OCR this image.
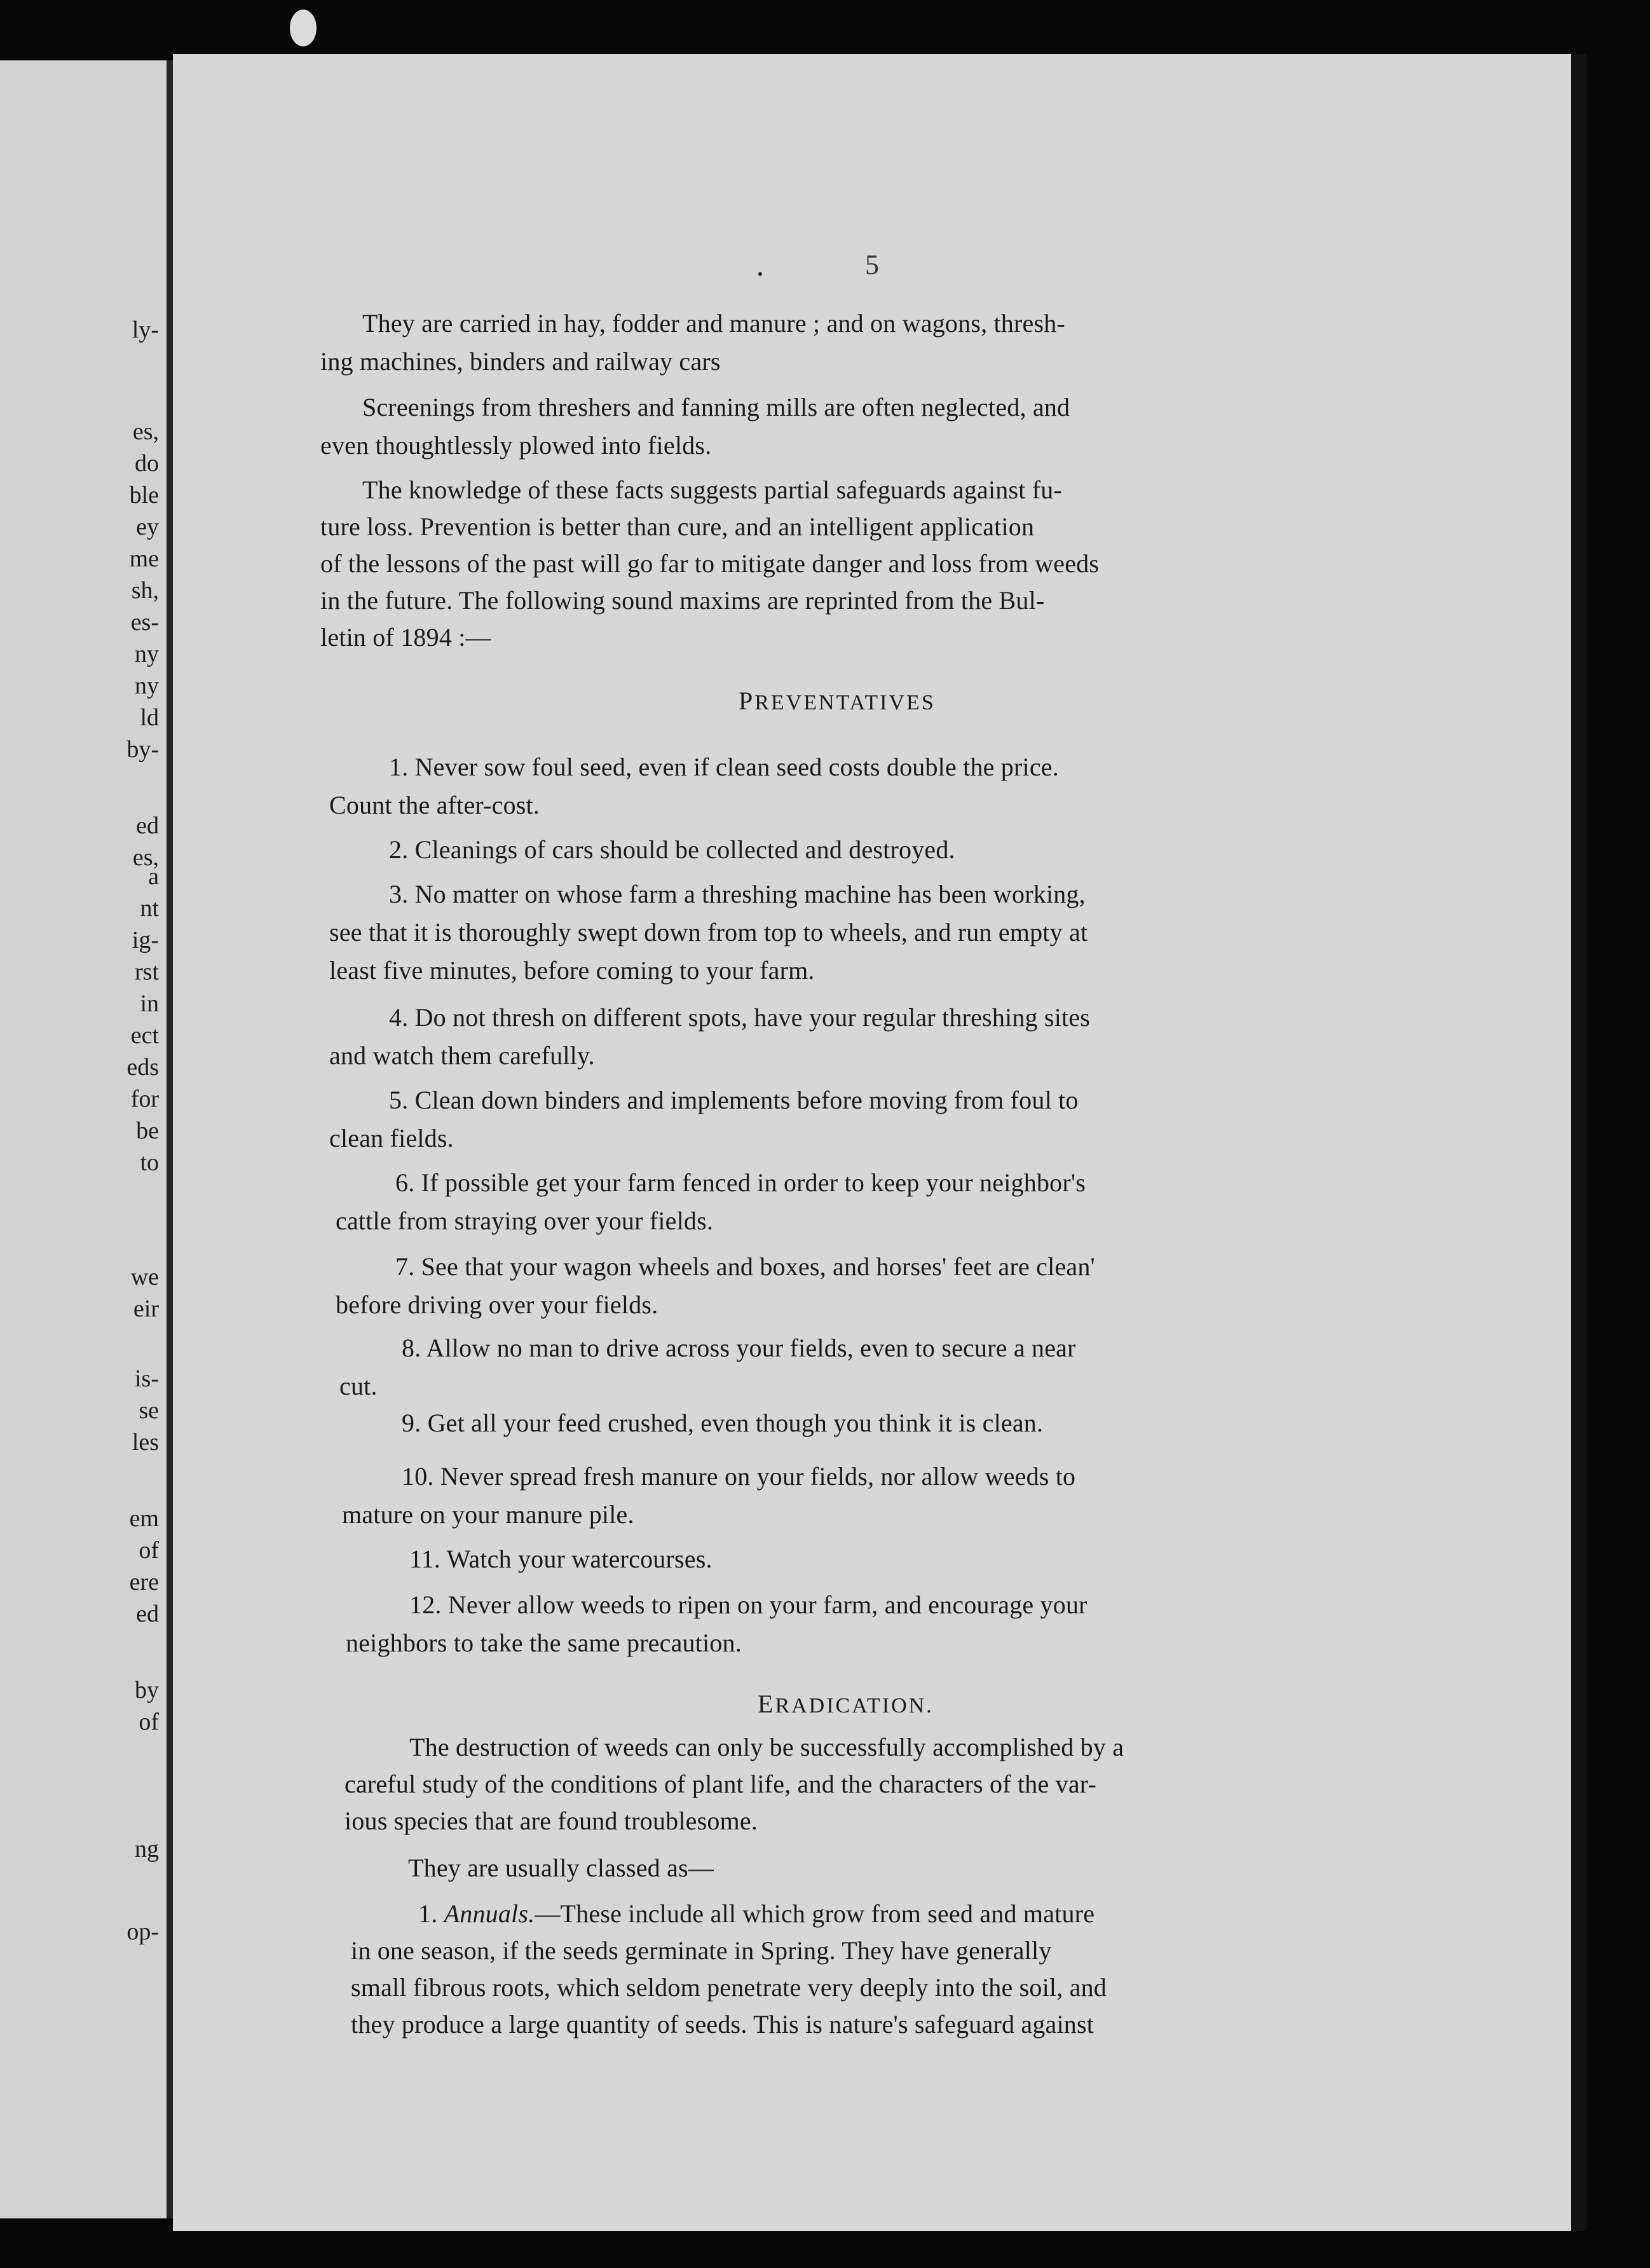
ly-
es,
do
ble
ey
me
sh,
es-
ny
ny
ld
by-
ed
es,
a
nt
ig-
rst
in
ect
eds
for
be
to
we
eir
is-
se
les
em
of
ere
ed
by
of
ng
op-
5
They are carried in hay, fodder and manure ; and on wagons, thresh-
ing machines, binders and railway cars
Screenings from threshers and fanning mills are often neglected, and
even thoughtlessly plowed into fields.
The knowledge of these facts suggests partial safeguards against fu-
ture loss. Prevention is better than cure, and an intelligent application
of the lessons of the past will go far to mitigate danger and loss from weeds
in the future. The following sound maxims are reprinted from the Bul-
letin of 1894 :—
PREVENTATIVES
1. Never sow foul seed, even if clean seed costs double the price.
Count the after-cost.
2. Cleanings of cars should be collected and destroyed.
3. No matter on whose farm a threshing machine has been working,
see that it is thoroughly swept down from top to wheels, and run empty at
least five minutes, before coming to your farm.
4. Do not thresh on different spots, have your regular threshing sites
and watch them carefully.
5. Clean down binders and implements before moving from foul to
clean fields.
6. If possible get your farm fenced in order to keep your neighbor's
cattle from straying over your fields.
7. See that your wagon wheels and boxes, and horses' feet are clean'
before driving over your fields.
8. Allow no man to drive across your fields, even to secure a near
cut.
9. Get all your feed crushed, even though you think it is clean.
10. Never spread fresh manure on your fields, nor allow weeds to
mature on your manure pile.
11. Watch your watercourses.
12. Never allow weeds to ripen on your farm, and encourage your
neighbors to take the same precaution.
ERADICATION.
The destruction of weeds can only be successfully accomplished by a
careful study of the conditions of plant life, and the characters of the var-
ious species that are found troublesome.
They are usually classed as—
1. Annuals.—These include all which grow from seed and mature
in one season, if the seeds germinate in Spring. They have generally
small fibrous roots, which seldom penetrate very deeply into the soil, and
they produce a large quantity of seeds. This is nature's safeguard against
